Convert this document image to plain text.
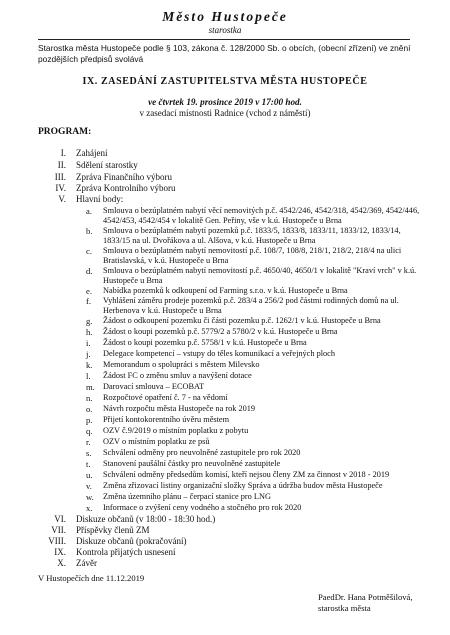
Město Hustopeče
starostka
Starostka města Hustopeče podle § 103, zákona č. 128/2000 Sb. o obcích, (obecní zřízení) ve znění pozdějších předpisů svolává
IX. ZASEDÁNÍ ZASTUPITELSTVA MĚSTA HUSTOPEČE
ve čtvrtek 19. prosince 2019 v 17:00 hod.
v zasedací místnosti Radnice (vchod z náměstí)
PROGRAM:
I. Zahájení
II. Sdělení starostky
III. Zpráva Finančního výboru
IV. Zpráva Kontrolního výboru
V. Hlavní body:
a.	Smlouva o bezúplatném nabytí věcí nemovitých p.č. 4542/246, 4542/318, 4542/369, 4542/446, 4542/453, 4542/454 v lokalitě Gen. Peřiny, vše v k.ú. Hustopeče u Brna
b.	Smlouva o bezúplatném nabytí pozemků p.č. 1833/5, 1833/8, 1833/11, 1833/12, 1833/14, 1833/15 na ul. Dvořákova a ul. Alšova, v k.ú. Hustopeče u Brna
c.	Smlouva o bezúplatném nabytí nemovitostí p.č. 108/7, 108/8, 218/1, 218/2, 218/4 na ulici Bratislavská, v k.ú. Hustopeče u Brna
d.	Smlouva o bezúplatném nabytí nemovitostí p.č. 4650/40, 4650/1 v lokalitě "Kraví vrch" v k.ú. Hustopeče u Brna
e.	Nabídka pozemků k odkoupení od Farming s.r.o. v k.ú. Hustopeče u Brna
f.	Vyhlášení záměru prodeje pozemků p.č. 283/4 a 256/2 pod částmi rodinných domů na ul. Herbenova v k.ú. Hustopeče u Brna
g.	Žádost o odkoupení pozemku či části pozemku p.č. 1262/1 v k.ú. Hustopeče u Brna
h.	Žádost o koupi pozemků p.č. 5779/2 a 5780/2 v k.ú. Hustopeče u Brna
i.	Žádost o koupi pozemku p.č. 5758/1 v k.ú. Hustopeče u Brna
j.	Delegace kompetencí – vstupy do těles komunikací a veřejných ploch
k.	Memorandum o spolupráci s městem Milevsko
l.	Žádost FC o změnu smluv a navýšení dotace
m. Darovací smlouva – ECOBAT
n.	Rozpočtové opatření č. 7 - na vědomí
o.	Návrh rozpočtu města Hustopeče na rok 2019
p.	Přijetí kontokorentního úvěru městem
q.	OZV č.9/2019 o místním poplatku z pobytu
r.	OZV o místním poplatku ze psů
s.	Schválení odměny pro neuvolněné zastupitele pro rok 2020
t.	Stanovení paušální částky pro neuvolněné zastupitele
u.	Schválení odměny předsedům komisí, kteří nejsou členy ZM za činnost v 2018 - 2019
v.	Změna zřizovací listiny organizační složky Správa a údržba budov města Hustopeče
w.	Změna územního plánu – čerpací stanice pro LNG
x.	Informace o zvýšení ceny vodného a stočného pro rok 2020
VI. Diskuze občanů (v 18:00 - 18:30 hod.)
VII. Příspěvky členů ZM
VIII. Diskuze občanů (pokračování)
IX. Kontrola přijatých usnesení
X. Závěr
V Hustopečích dne 11.12.2019
PaedDr. Hana Potměšilová,
starostka města
